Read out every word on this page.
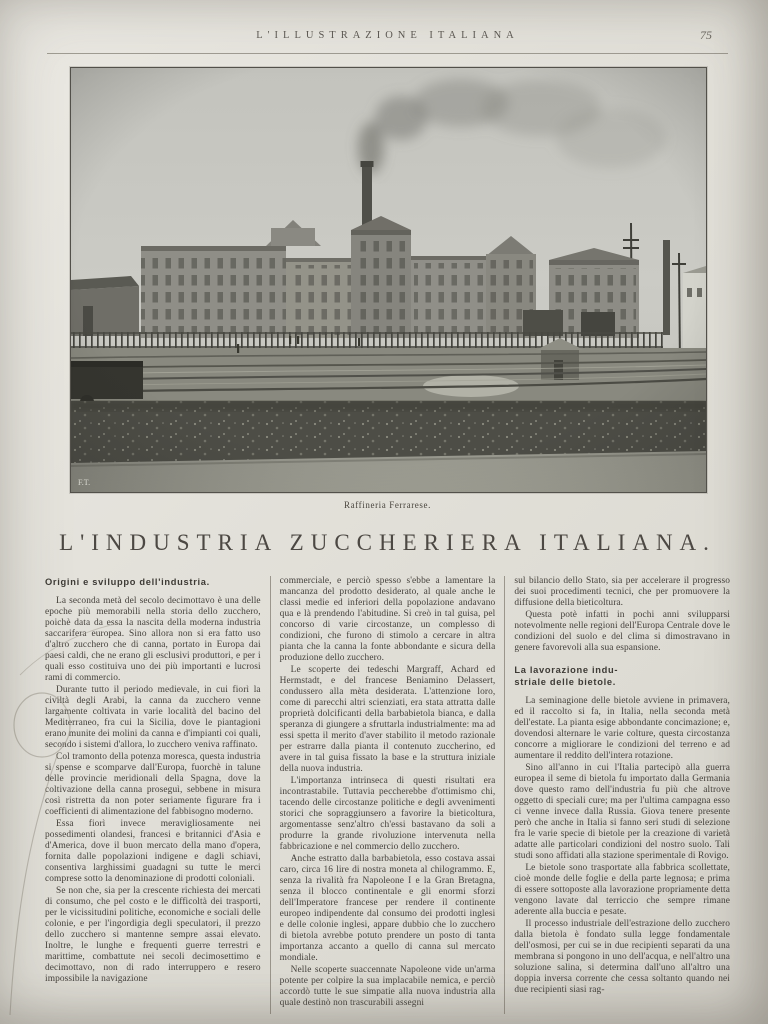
L'ILLUSTRAZIONE ITALIANA	75
F.T.
Raffineria Ferrarese.
L'INDUSTRIA ZUCCHERIERA ITALIANA.
Origini e sviluppo dell'industria.

La seconda metà del secolo decimottavo è una delle epoche più memorabili nella storia dello zucchero, poichè data da essa la nascita della moderna industria saccarifera europea. Sino allora non si era fatto uso d'altro zucchero che di canna, portato in Europa dai paesi caldi, che ne erano gli esclusivi produttori, e per i quali esso costituiva uno dei più importanti e lucrosi rami di commercio.

Durante tutto il periodo medievale, in cui fiorì la civiltà degli Arabi, la canna da zucchero venne largamente coltivata in varie località del bacino del Mediterraneo, fra cui la Sicilia, dove le piantagioni erano munite dei molini da canna e d'impianti coi quali, secondo i sistemi d'allora, lo zucchero veniva raffinato.

Col tramonto della potenza moresca, questa industria si spense e scomparve dall'Europa, fuorchè in talune delle provincie meridionali della Spagna, dove la coltivazione della canna proseguì, sebbene in misura così ristretta da non poter seriamente figurare fra i coefficienti di alimentazione del fabbisogno moderno.

Essa fiorì invece meravigliosamente nei possedimenti olandesi, francesi e britannici d'Asia e d'America, dove il buon mercato della mano d'opera, fornita dalle popolazioni indigene e dagli schiavi, consentiva larghissimi guadagni su tutte le merci comprese sotto la denominazione di prodotti coloniali.

Se non che, sia per la crescente richiesta dei mercati di consumo, che pel costo e le difficoltà dei trasporti, per le vicissitudini politiche, economiche e sociali delle colonie, e per l'ingordigia degli speculatori, il prezzo dello zucchero si mantenne sempre assai elevato. Inoltre, le lunghe e frequenti guerre terrestri e marittime, combattute nei secoli decimosettimo e decimottavo, non di rado interruppero e resero impossibile la navigazione

commerciale, e perciò spesso s'ebbe a lamentare la mancanza del prodotto desiderato, al quale anche le classi medie ed inferiori della popolazione andavano qua e là prendendo l'abitudine. Si creò in tal guisa, pel concorso di varie circostanze, un complesso di condizioni, che furono di stimolo a cercare in altra pianta che la canna la fonte abbondante e sicura della produzione dello zucchero.

Le scoperte dei tedeschi Margraff, Achard ed Hermstadt, e del francese Beniamino Delassert, condussero alla mèta desiderata. L'attenzione loro, come di parecchi altri scienziati, era stata attratta dalle proprietà dolcificanti della barbabietola bianca, e dalla speranza di giungere a sfruttarla industrialmente: ma ad essi spetta il merito d'aver stabilito il metodo razionale per estrarre dalla pianta il contenuto zuccherino, ed avere in tal guisa fissato la base e la struttura iniziale della nuova industria.

L'importanza intrinseca di questi risultati era incontrastabile. Tuttavia peccherebbe d'ottimismo chi, tacendo delle circostanze politiche e degli avvenimenti storici che sopraggiunsero a favorire la bieticoltura, argomentasse senz'altro ch'essi bastavano da soli a produrre la grande rivoluzione intervenuta nella fabbricazione e nel commercio dello zucchero.

Anche estratto dalla barbabietola, esso costava assai caro, circa 16 lire di nostra moneta al chilogrammo. E, senza la rivalità fra Napoleone I e la Gran Bretagna, senza il blocco continentale e gli enormi sforzi dell'Imperatore francese per rendere il continente europeo indipendente dal consumo dei prodotti inglesi e delle colonie inglesi, appare dubbio che lo zucchero di bietola avrebbe potuto prendere un posto di tanta importanza accanto a quello di canna sul mercato mondiale.

Nelle scoperte suaccennate Napoleone vide un'arma potente per colpire la sua implacabile nemica, e perciò accordò tutte le sue simpatie alla nuova industria alla quale destinò non trascurabili assegni

sul bilancio dello Stato, sia per accelerare il progresso dei suoi procedimenti tecnici, che per promuovere la diffusione della bieticoltura.

Questa potè infatti in pochi anni svilupparsi notevolmente nelle regioni dell'Europa Centrale dove le condizioni del suolo e del clima si dimostravano in genere favorevoli alla sua espansione.

La lavorazione indu-
striale delle bietole.

La seminagione delle bietole avviene in primavera, ed il raccolto si fa, in Italia, nella seconda metà dell'estate. La pianta esige abbondante concimazione; e, dovendosi alternare le varie colture, questa circostanza concorre a migliorare le condizioni del terreno e ad aumentare il reddito dell'intera rotazione.

Sino all'anno in cui l'Italia partecipò alla guerra europea il seme di bietola fu importato dalla Germania dove questo ramo dell'industria fu più che altrove oggetto di speciali cure; ma per l'ultima campagna esso ci venne invece dalla Russia. Giova tenere presente però che anche in Italia si fanno seri studi di selezione fra le varie specie di bietole per la creazione di varietà adatte alle particolari condizioni del nostro suolo. Tali studi sono affidati alla stazione sperimentale di Rovigo.

Le bietole sono trasportate alla fabbrica scollettate, cioè monde delle foglie e della parte legnosa; e prima di essere sottoposte alla lavorazione propriamente detta vengono lavate dal terriccio che sempre rimane aderente alla buccia e pesate.

Il processo industriale dell'estrazione dello zucchero dalla bietola è fondato sulla legge fondamentale dell'osmosi, per cui se in due recipienti separati da una membrana si pongono in uno dell'acqua, e nell'altro una soluzione salina, si determina dall'uno all'altro una doppia inversa corrente che cessa soltanto quando nei due recipienti siasi rag-
